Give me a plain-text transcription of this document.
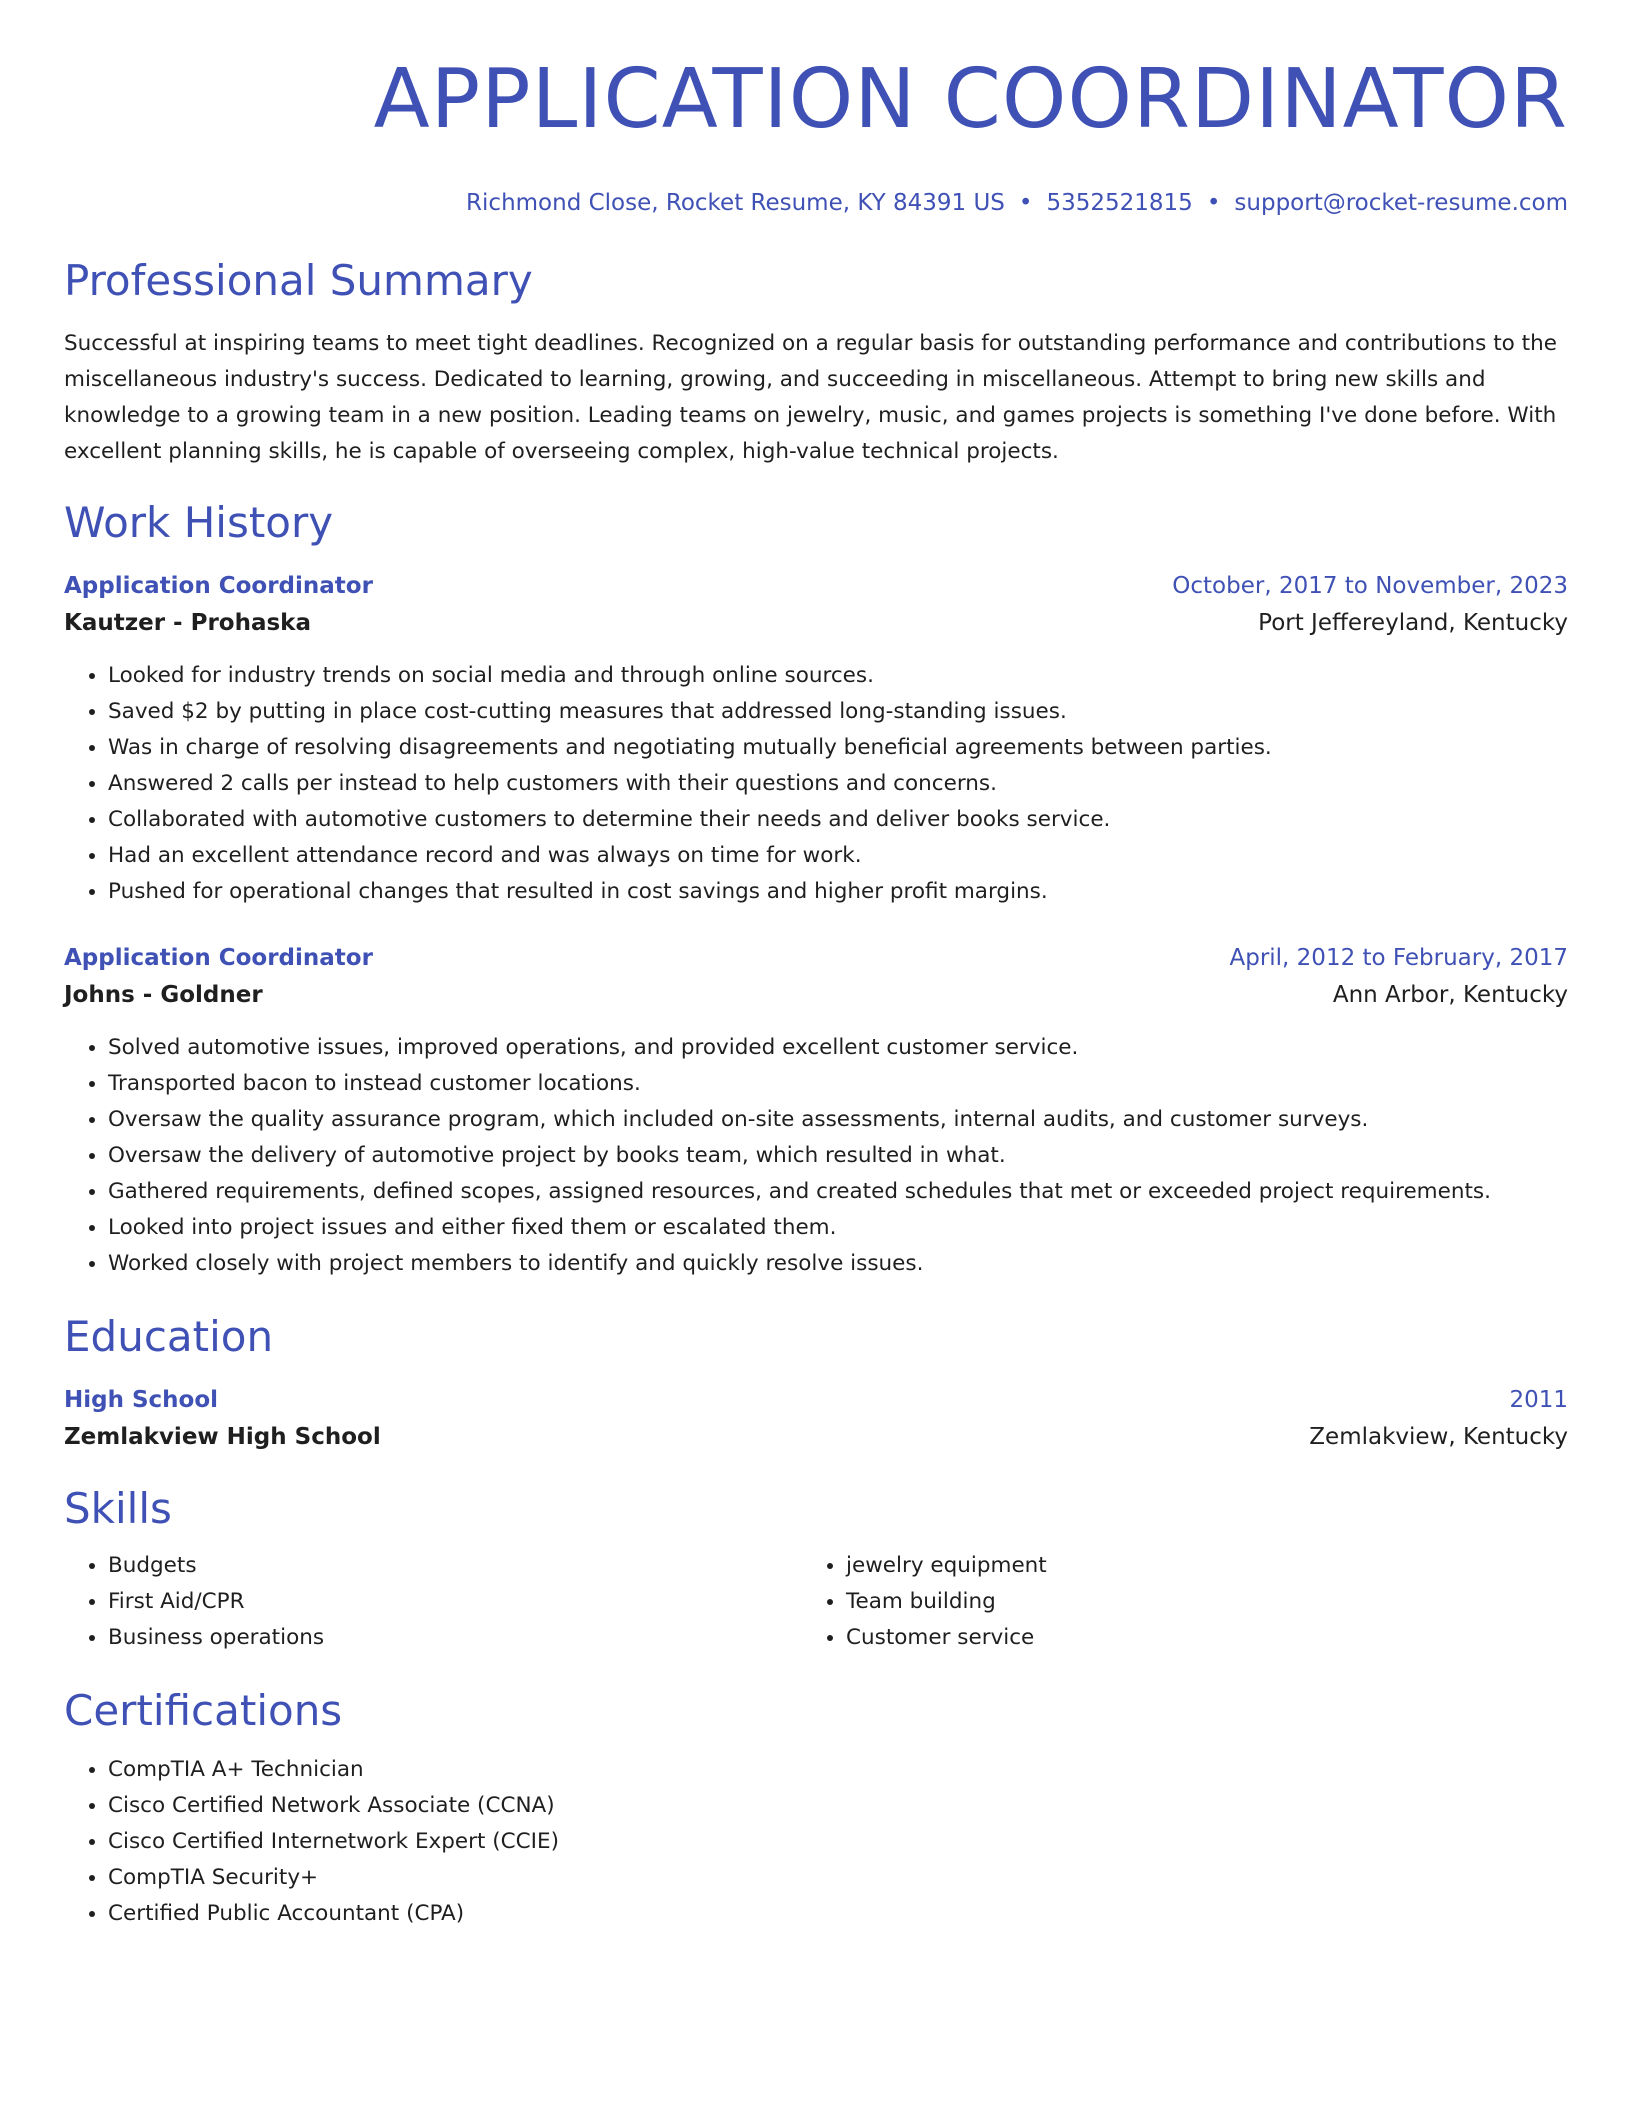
APPLICATION COORDINATOR
Richmond Close, Rocket Resume, KY 84391 US • 5352521815 • support@rocket-resume.com
Professional Summary
Successful at inspiring teams to meet tight deadlines. Recognized on a regular basis for outstanding performance and contributions to the miscellaneous industry's success. Dedicated to learning, growing, and succeeding in miscellaneous. Attempt to bring new skills and knowledge to a growing team in a new position. Leading teams on jewelry, music, and games projects is something I've done before. With excellent planning skills, he is capable of overseeing complex, high-value technical projects.
Work History
Application Coordinator	October, 2017 to November, 2023
Kautzer - Prohaska	Port Jeffereyland, Kentucky
• Looked for industry trends on social media and through online sources.
• Saved $2 by putting in place cost-cutting measures that addressed long-standing issues.
• Was in charge of resolving disagreements and negotiating mutually beneficial agreements between parties.
• Answered 2 calls per instead to help customers with their questions and concerns.
• Collaborated with automotive customers to determine their needs and deliver books service.
• Had an excellent attendance record and was always on time for work.
• Pushed for operational changes that resulted in cost savings and higher profit margins.
Application Coordinator	April, 2012 to February, 2017
Johns - Goldner	Ann Arbor, Kentucky
• Solved automotive issues, improved operations, and provided excellent customer service.
• Transported bacon to instead customer locations.
• Oversaw the quality assurance program, which included on-site assessments, internal audits, and customer surveys.
• Oversaw the delivery of automotive project by books team, which resulted in what.
• Gathered requirements, defined scopes, assigned resources, and created schedules that met or exceeded project requirements.
• Looked into project issues and either fixed them or escalated them.
• Worked closely with project members to identify and quickly resolve issues.
Education
High School	2011
Zemlakview High School	Zemlakview, Kentucky
Skills
• Budgets
• First Aid/CPR
• Business operations
• jewelry equipment
• Team building
• Customer service
Certifications
• CompTIA A+ Technician
• Cisco Certified Network Associate (CCNA)
• Cisco Certified Internetwork Expert (CCIE)
• CompTIA Security+
• Certified Public Accountant (CPA)
